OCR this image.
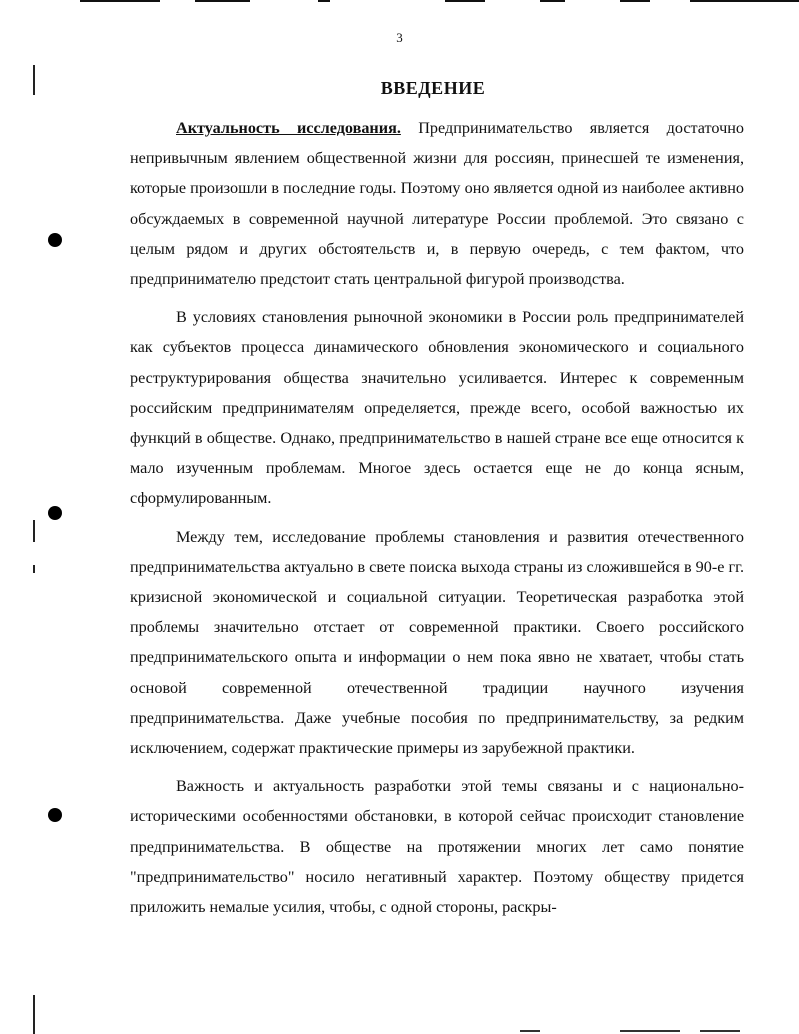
3
ВВЕДЕНИЕ

Актуальность исследования. Предпринимательство является достаточно непривычным явлением общественной жизни для россиян, принесшей те изменения, которые произошли в последние годы. Поэтому оно является одной из наиболее активно обсуждаемых в современной научной литературе России проблемой. Это связано с целым рядом и других обстоятельств и, в первую очередь, с тем фактом, что предпринимателю предстоит стать центральной фигурой производства.

В условиях становления рыночной экономики в России роль предпринимателей как субъектов процесса динамического обновления экономического и социального реструктурирования общества значительно усиливается. Интерес к современным российским предпринимателям определяется, прежде всего, особой важностью их функций в обществе. Однако, предпринимательство в нашей стране все еще относится к мало изученным проблемам. Многое здесь остается еще не до конца ясным, сформулированным.

Между тем, исследование проблемы становления и развития отечественного предпринимательства актуально в свете поиска выхода страны из сложившейся в 90-е гг. кризисной экономической и социальной ситуации. Теоретическая разработка этой проблемы значительно отстает от современной практики. Своего российского предпринимательского опыта и информации о нем пока явно не хватает, чтобы стать основой современной отечественной традиции научного изучения предпринимательства. Даже учебные пособия по предпринимательству, за редким исключением, содержат практические примеры из зарубежной практики.

Важность и актуальность разработки этой темы связаны и с национально-историческими особенностями обстановки, в которой сейчас происходит становление предпринимательства. В обществе на протяжении многих лет само понятие "предпринимательство" носило негативный характер. Поэтому обществу придется приложить немалые усилия, чтобы, с одной стороны, раскры-
